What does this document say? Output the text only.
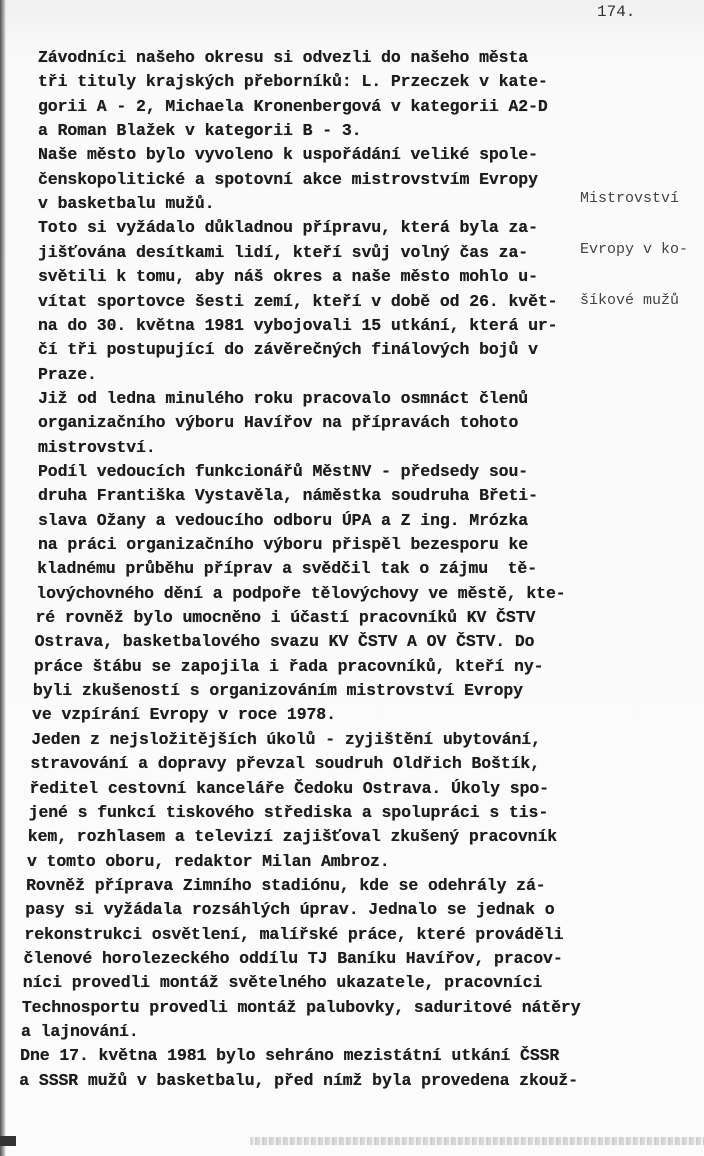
174.

Mistrovství

Evropy v ko-

šíkové mužů

Závodníci našeho okresu si odvezli do našeho města
tři tituly krajských přeborníků: L. Przeczek v kate-
gorii A - 2, Michaela Kronenbergová v kategorii A2-D
a Roman Blažek v kategorii B - 3.
Naše město bylo vyvoleno k uspořádání veliké spole-
čenskopolitické a spotovní akce mistrovstvím Evropy
v basketbalu mužů.
Toto si vyžádalo důkladnou přípravu, která byla za-
jišťována desítkami lidí, kteří svůj volný čas za-
světili k tomu, aby náš okres a naše město mohlo u-
vítat sportovce šesti zemí, kteří v době od 26. květ-
na do 30. května 1981 vybojovali 15 utkání, která ur-
čí tři postupující do závěrečných finálových bojů v
Praze.
Již od ledna minulého roku pracovalo osmnáct členů
organizačního výboru Havířov na přípravách tohoto
mistrovství.
Podíl vedoucích funkcionářů MěstNV - předsedy sou-
druha Františka Vystavěla, náměstka soudruha Břeti-
slava Ožany a vedoucího odboru ÚPA a Z ing. Mrózka
na práci organizačního výboru přispěl bezesporu ke
kladnému průběhu příprav a svědčil tak o zájmu  tě-
lovýchovného dění a podpoře tělovýchovy ve městě, kte-
ré rovněž bylo umocněno i účastí pracovníků KV ČSTV
Ostrava, basketbalového svazu KV ČSTV A OV ČSTV. Do
práce štábu se zapojila i řada pracovníků, kteří ny-
byli zkušeností s organizováním mistrovství Evropy
ve vzpírání Evropy v roce 1978.
Jeden z nejsložitějších úkolů - zyjištění ubytování,
stravování a dopravy převzal soudruh Oldřich Boštík,
ředitel cestovní kanceláře Čedoku Ostrava. Úkoly spo-
jené s funkcí tiskového střediska a spolupráci s tis-
kem, rozhlasem a televizí zajišťoval zkušený pracovník
v tomto oboru, redaktor Milan Ambroz.
Rovněž příprava Zimního stadiónu, kde se odehrály zá-
pasy si vyžádala rozsáhlých úprav. Jednalo se jednak o
rekonstrukci osvětlení, malířské práce, které prováděli
členové horolezeckého oddílu TJ Baníku Havířov, pracov-
níci provedli montáž světelného ukazatele, pracovníci
Technosportu provedli montáž palubovky, saduritové nátěry
a lajnování.
Dne 17. května 1981 bylo sehráno mezistátní utkání ČSSR
a SSSR mužů v basketbalu, před nímž byla provedena zkouž-
